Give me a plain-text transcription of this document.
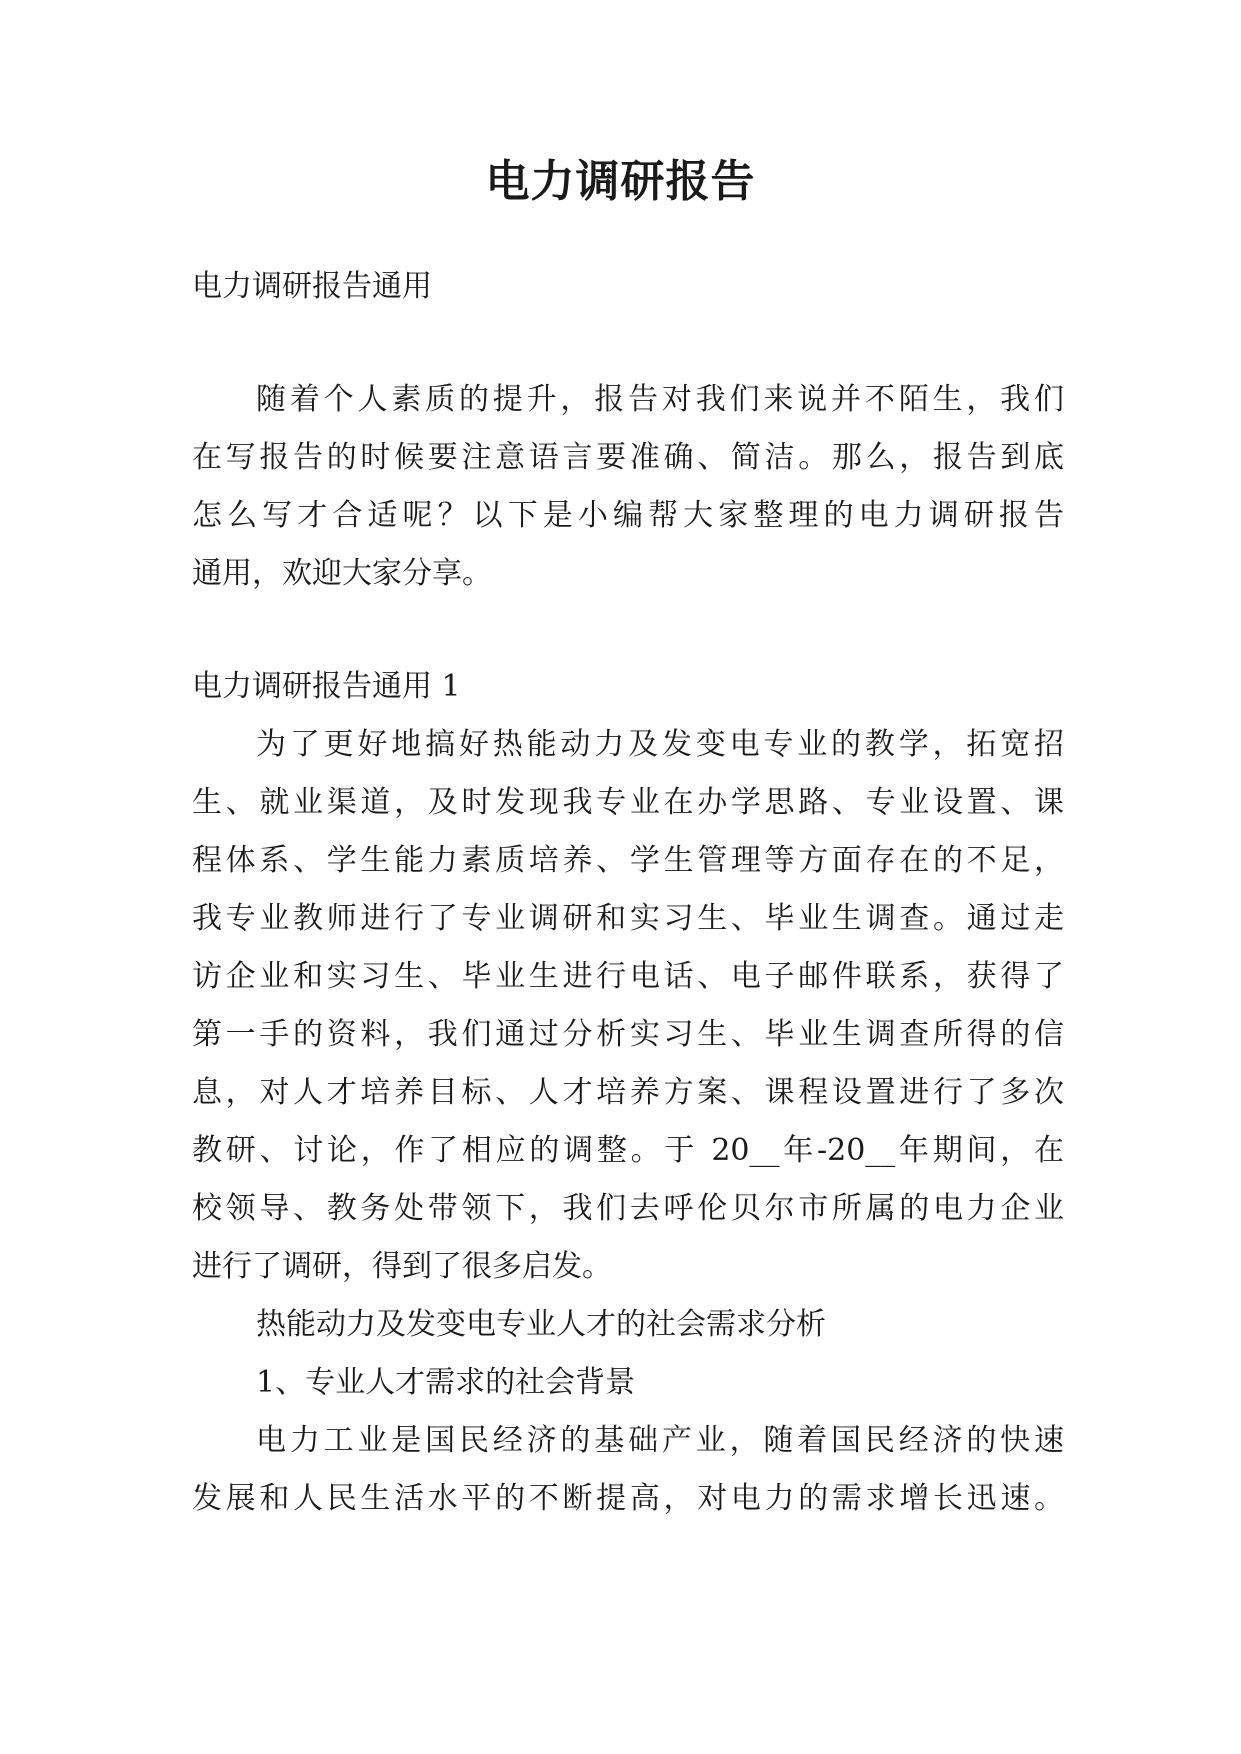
电力调研报告

电力调研报告通用

随着个人素质的提升，报告对我们来说并不陌生，我们

在写报告的时候要注意语言要准确、简洁。那么，报告到底

怎么写才合适呢？以下是小编帮大家整理的电力调研报告

通用，欢迎大家分享。

电力调研报告通用 1

为了更好地搞好热能动力及发变电专业的教学，拓宽招

生、就业渠道，及时发现我专业在办学思路、专业设置、课

程体系、学生能力素质培养、学生管理等方面存在的不足，

我专业教师进行了专业调研和实习生、毕业生调查。通过走

访企业和实习生、毕业生进行电话、电子邮件联系，获得了

第一手的资料，我们通过分析实习生、毕业生调查所得的信

息，对人才培养目标、人才培养方案、课程设置进行了多次

教研、讨论，作了相应的调整。于 20__年-20__年期间，在

校领导、教务处带领下，我们去呼伦贝尔市所属的电力企业

进行了调研，得到了很多启发。

热能动力及发变电专业人才的社会需求分析

1、专业人才需求的社会背景

电力工业是国民经济的基础产业，随着国民经济的快速

发展和人民生活水平的不断提高，对电力的需求增长迅速。
